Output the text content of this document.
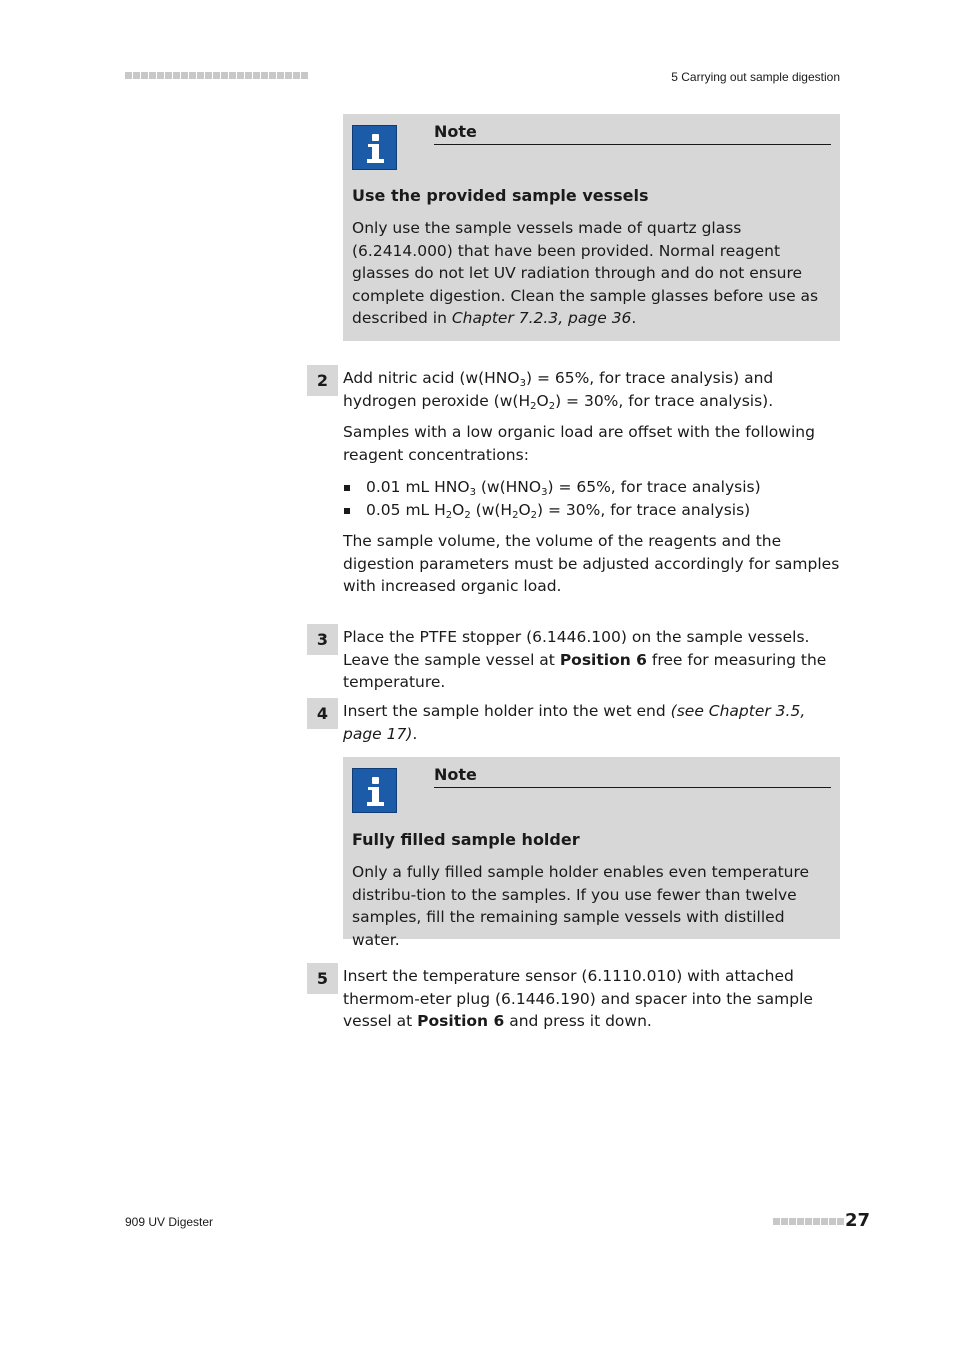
5 Carrying out sample digestion
Note
Use the provided sample vessels
Only use the sample vessels made of quartz glass (6.2414.000) that have been provided. Normal reagent glasses do not let UV radiation through and do not ensure complete digestion. Clean the sample glasses before use as described in Chapter 7.2.3, page 36.
2 Add nitric acid ($w(HNO_3) = 65\%$, for trace analysis) and hydrogen peroxide ($w(H_2O_2) = 30\%$, for trace analysis).
Samples with a low organic load are offset with the following reagent concentrations:
0.01 mL $HNO_3$ ($w(HNO_3) = 65\%$, for trace analysis)
0.05 mL $H_2O_2$ ($w(H_2O_2) = 30\%$, for trace analysis)
The sample volume, the volume of the reagents and the digestion parameters must be adjusted accordingly for samples with increased organic load.
3 Place the PTFE stopper (6.1446.100) on the sample vessels. Leave the sample vessel at Position 6 free for measuring the temperature.
4 Insert the sample holder into the wet end (see Chapter 3.5, page 17).
Note
Fully filled sample holder
Only a fully filled sample holder enables even temperature distribu-tion to the samples. If you use fewer than twelve samples, fill the remaining sample vessels with distilled water.
5 Insert the temperature sensor (6.1110.010) with attached thermom-eter plug (6.1446.190) and spacer into the sample vessel at Position 6 and press it down.
909 UV Digester	27
